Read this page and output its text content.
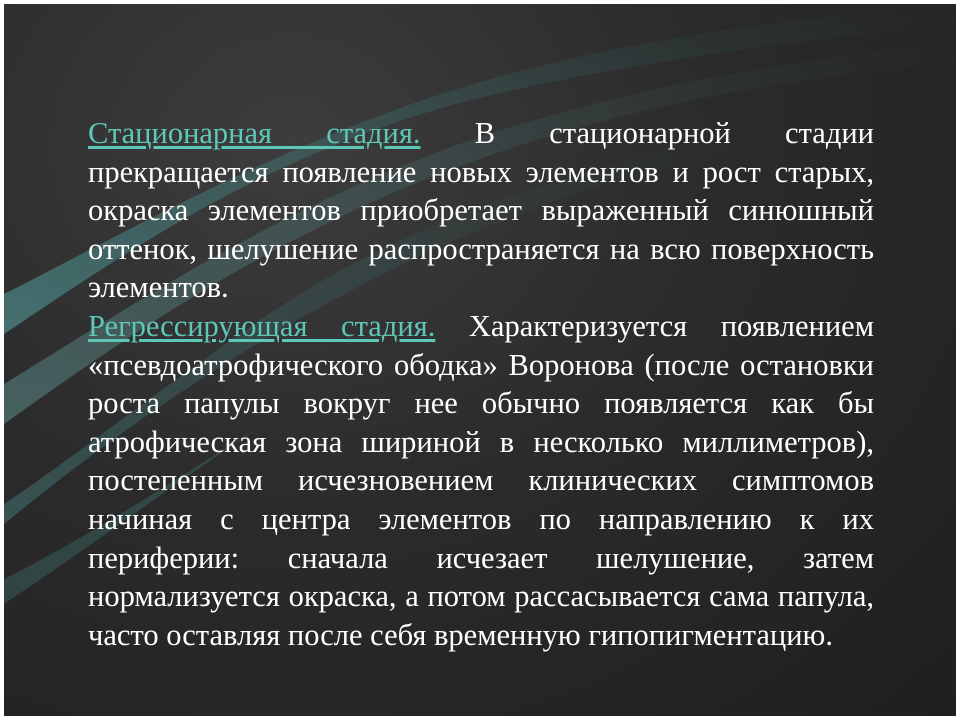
Стационарная стадия. В стационарной стадии прекращается появление новых элементов и рост старых, окраска элементов приобретает выраженный синюшный оттенок, шелушение распространяется на всю поверхность элементов.

Регрессирующая стадия. Характеризуется появлением «псевдоатрофического ободка» Воронова (после остановки роста папулы вокруг нее обычно появляется как бы атрофическая зона шириной в несколько миллиметров), постепенным исчезновением клинических симптомов начиная с центра элементов по направлению к их периферии: сначала исчезает шелушение, затем нормализуется окраска, а потом рассасывается сама папула, часто оставляя после себя временную гипопигментацию.
